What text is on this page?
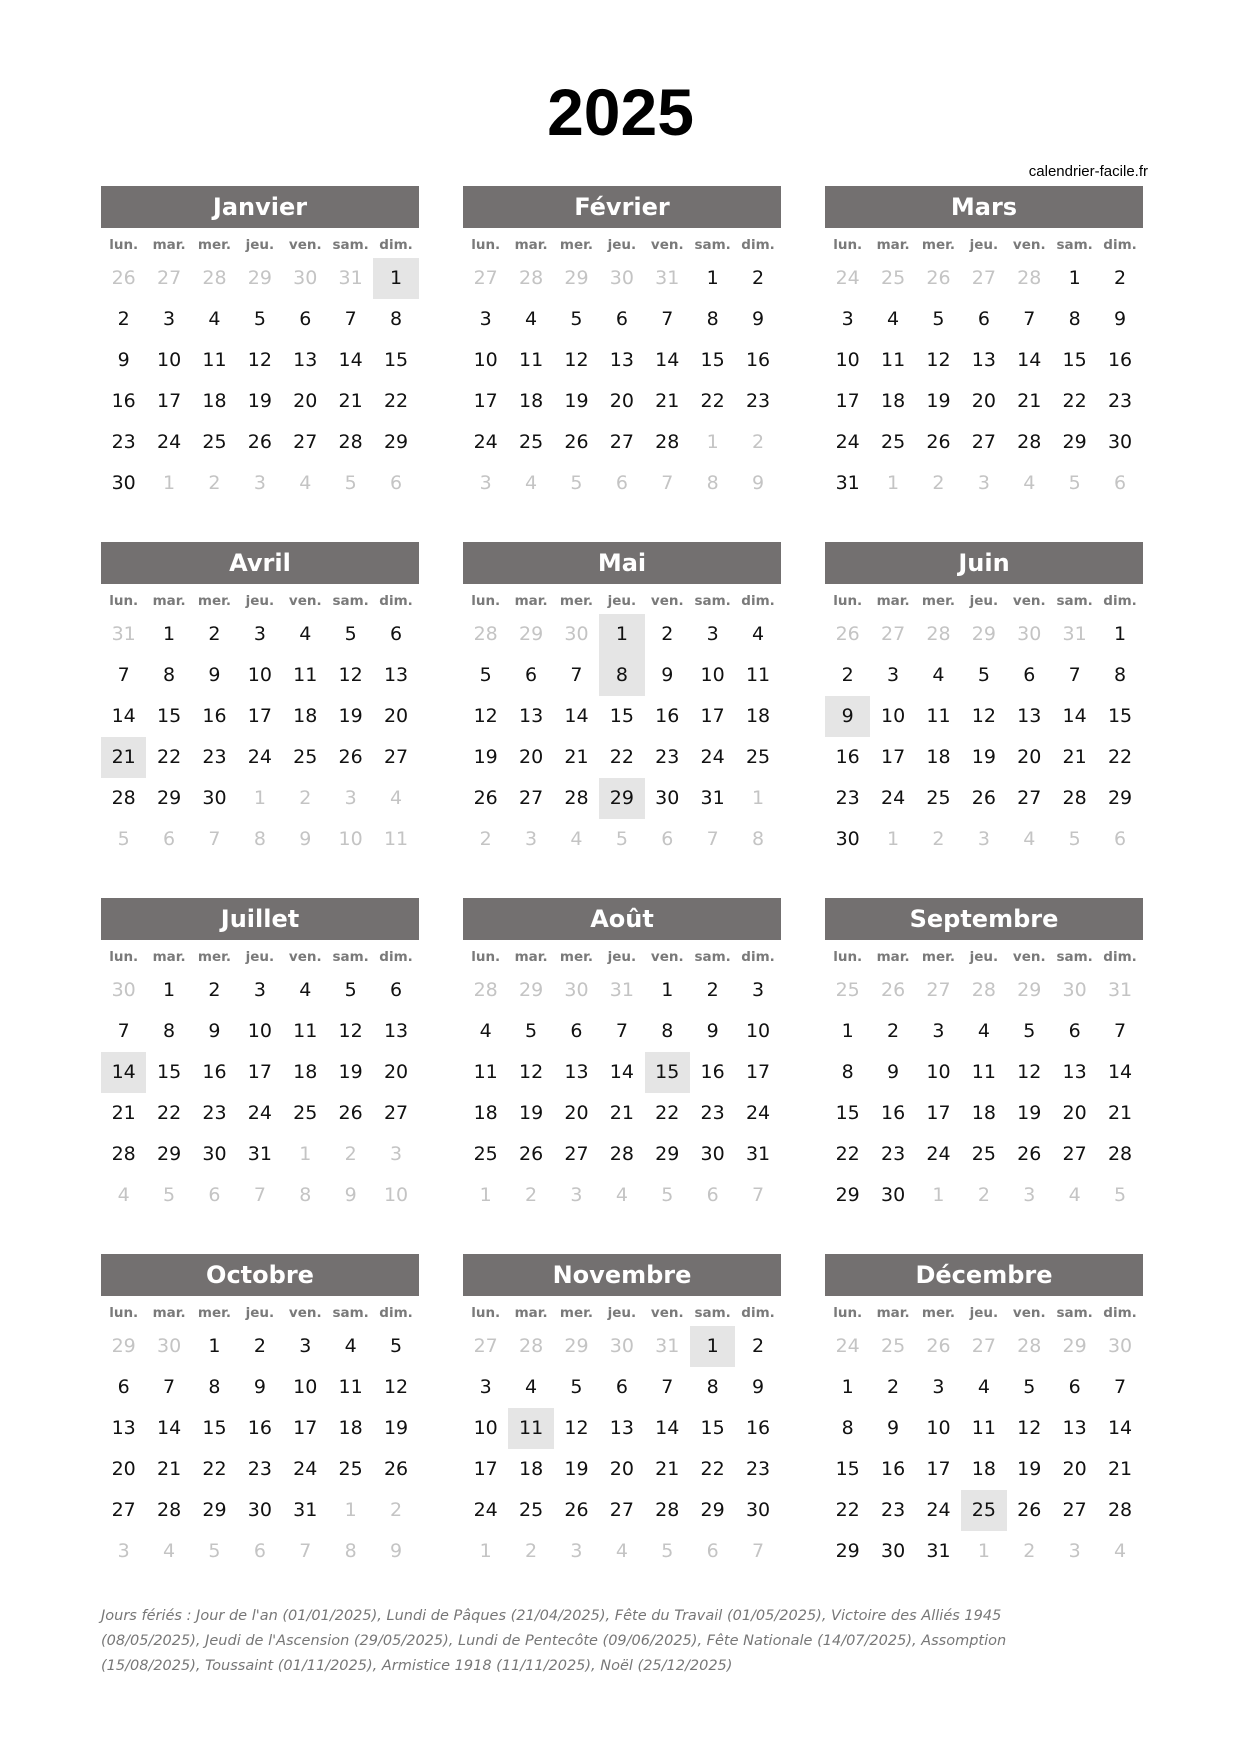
2025
calendrier-facile.fr
Janvier
lun.	mar. mer.	jeu.	ven. sam. dim.
26	27	28	29	30	31	1
2	3	4	5	6	7	8
9	10	11	12	13	14	15
16	17	18	19	20	21	22
23	24	25	26	27	28	29
30	1	2	3	4	5	6
Février
lun.	mar. mer.	jeu.	ven. sam. dim.
27	28	29	30	31	1	2
3	4	5	6	7	8	9
10	11	12	13	14	15	16
17	18	19	20	21	22	23
24	25	26	27	28	1	2
3	4	5	6	7	8	9
Mars
lun.	mar. mer.	jeu.	ven. sam. dim.
24	25	26	27	28	1	2
3	4	5	6	7	8	9
10	11	12	13	14	15	16
17	18	19	20	21	22	23
24	25	26	27	28	29	30
31	1	2	3	4	5	6
Avril
lun.	mar. mer.	jeu.	ven. sam. dim.
31	1	2	3	4	5	6
7	8	9	10	11	12	13
14	15	16	17	18	19	20
21	22	23	24	25	26	27
28	29	30	1	2	3	4
5	6	7	8	9	10	11
Mai
lun.	mar. mer.	jeu.	ven. sam. dim.
28	29	30	1	2	3	4
5	6	7	8	9	10	11
12	13	14	15	16	17	18
19	20	21	22	23	24	25
26	27	28	29	30	31	1
2	3	4	5	6	7	8
Juin
lun.	mar. mer.	jeu.	ven. sam. dim.
26	27	28	29	30	31	1
2	3	4	5	6	7	8
9	10	11	12	13	14	15
16	17	18	19	20	21	22
23	24	25	26	27	28	29
30	1	2	3	4	5	6
Juillet
lun.	mar. mer.	jeu.	ven. sam. dim.
30	1	2	3	4	5	6
7	8	9	10	11	12	13
14	15	16	17	18	19	20
21	22	23	24	25	26	27
28	29	30	31	1	2	3
4	5	6	7	8	9	10
Août
lun.	mar. mer.	jeu.	ven. sam. dim.
28	29	30	31	1	2	3
4	5	6	7	8	9	10
11	12	13	14	15	16	17
18	19	20	21	22	23	24
25	26	27	28	29	30	31
1	2	3	4	5	6	7
Septembre
lun.	mar. mer.	jeu.	ven. sam. dim.
25	26	27	28	29	30	31
1	2	3	4	5	6	7
8	9	10	11	12	13	14
15	16	17	18	19	20	21
22	23	24	25	26	27	28
29	30	1	2	3	4	5
Octobre
lun.	mar. mer.	jeu.	ven. sam. dim.
29	30	1	2	3	4	5
6	7	8	9	10	11	12
13	14	15	16	17	18	19
20	21	22	23	24	25	26
27	28	29	30	31	1	2
3	4	5	6	7	8	9
Novembre
lun.	mar. mer.	jeu.	ven. sam. dim.
27	28	29	30	31	1	2
3	4	5	6	7	8	9
10	11	12	13	14	15	16
17	18	19	20	21	22	23
24	25	26	27	28	29	30
1	2	3	4	5	6	7
Décembre
lun.	mar. mer.	jeu.	ven. sam. dim.
24	25	26	27	28	29	30
1	2	3	4	5	6	7
8	9	10	11	12	13	14
15	16	17	18	19	20	21
22	23	24	25	26	27	28
29	30	31	1	2	3	4
Jours fériés : Jour de l'an (01/01/2025), Lundi de Pâques (21/04/2025), Fête du Travail (01/05/2025), Victoire des Alliés 1945 (08/05/2025), Jeudi de l'Ascension (29/05/2025), Lundi de Pentecôte (09/06/2025), Fête Nationale (14/07/2025), Assomption (15/08/2025), Toussaint (01/11/2025), Armistice 1918 (11/11/2025), Noël (25/12/2025)
